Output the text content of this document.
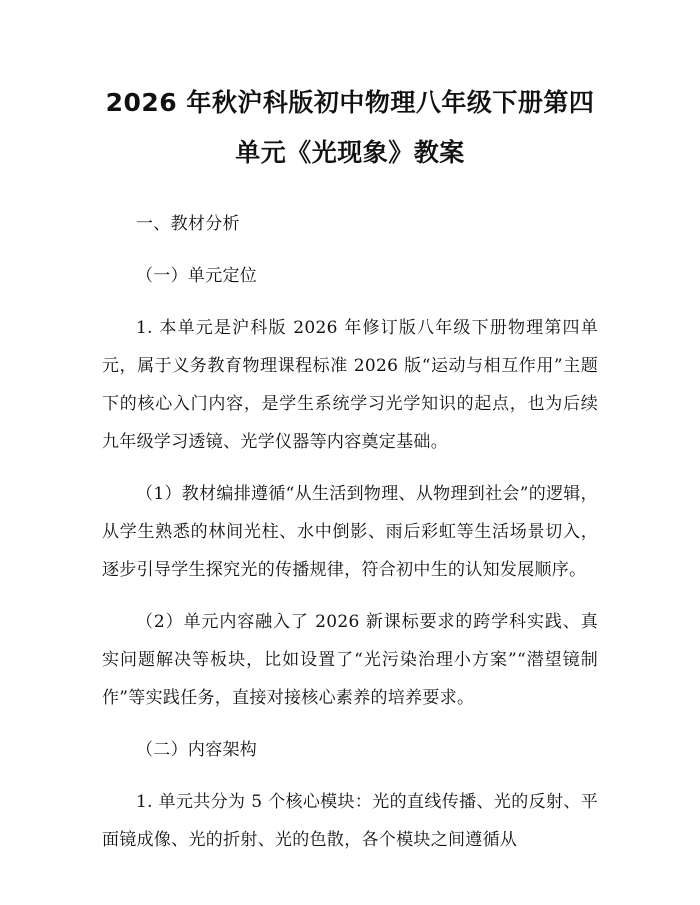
2026 年秋沪科版初中物理八年级下册第四单元《光现象》教案

一、教材分析

（一）单元定位

1. 本单元是沪科版 2026 年修订版八年级下册物理第四单元，属于义务教育物理课程标准 2026 版“运动与相互作用”主题下的核心入门内容，是学生系统学习光学知识的起点，也为后续九年级学习透镜、光学仪器等内容奠定基础。

（1）教材编排遵循“从生活到物理、从物理到社会”的逻辑，从学生熟悉的林间光柱、水中倒影、雨后彩虹等生活场景切入，逐步引导学生探究光的传播规律，符合初中生的认知发展顺序。

（2）单元内容融入了 2026 新课标要求的跨学科实践、真实问题解决等板块，比如设置了“光污染治理小方案”“潜望镜制作”等实践任务，直接对接核心素养的培养要求。

（二）内容架构

1. 单元共分为 5 个核心模块：光的直线传播、光的反射、平面镜成像、光的折射、光的色散，各个模块之间遵循从
